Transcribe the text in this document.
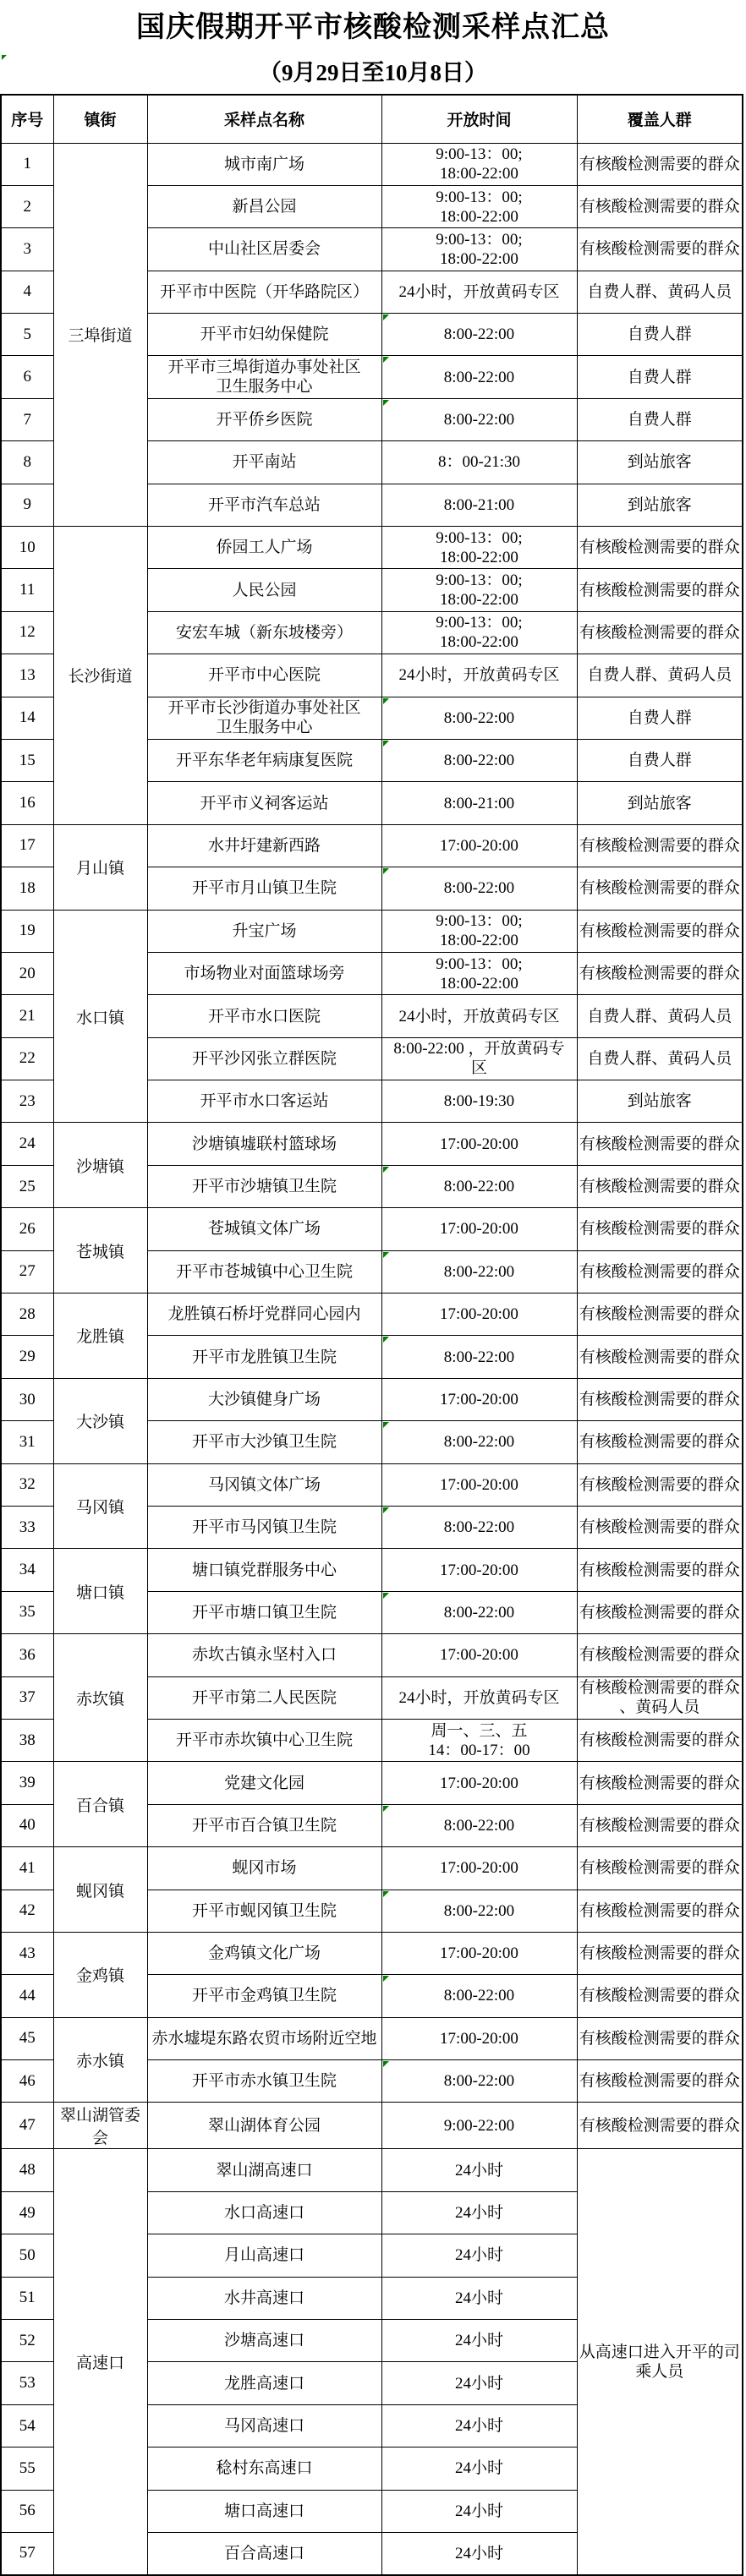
国庆假期开平市核酸检测采样点汇总
（9月29日至10月8日）
序号	镇街	采样点名称	开放时间	覆盖人群
1	三埠街道	城市南广场	9:00-13：00;
18:00-22:00	有核酸检测需要的群众

2		新昌公园	9:00-13：00;
18:00-22:00	有核酸检测需要的群众

3		中山社区居委会	9:00-13：00;
18:00-22:00	有核酸检测需要的群众

4		开平市中医院（开华路院区）	24小时，开放黄码专区	自费人群、黄码人员

5		开平市妇幼保健院	8:00-22:00	自费人群

6		开平市三埠街道办事处社区
卫生服务中心	8:00-22:00	自费人群

7		开平侨乡医院	8:00-22:00	自费人群

8		开平南站	8：00-21:30	到站旅客

9		开平市汽车总站	8:00-21:00	到站旅客

10	长沙街道	侨园工人广场	9:00-13：00;
18:00-22:00	有核酸检测需要的群众

11		人民公园	9:00-13：00;
18:00-22:00	有核酸检测需要的群众

12		安宏车城（新东坡楼旁）	9:00-13：00;
18:00-22:00	有核酸检测需要的群众

13		开平市中心医院	24小时，开放黄码专区	自费人群、黄码人员

14		开平市长沙街道办事处社区
卫生服务中心	8:00-22:00	自费人群

15		开平东华老年病康复医院	8:00-22:00	自费人群

16		开平市义祠客运站	8:00-21:00	到站旅客

17	月山镇	水井圩建新西路	17:00-20:00	有核酸检测需要的群众

18		开平市月山镇卫生院	8:00-22:00	有核酸检测需要的群众

19	水口镇	升宝广场	9:00-13：00;
18:00-22:00	有核酸检测需要的群众

20		市场物业对面篮球场旁	9:00-13：00;
18:00-22:00	有核酸检测需要的群众

21		开平市水口医院	24小时，开放黄码专区	自费人群、黄码人员

22		开平沙冈张立群医院	8:00-22:00 ，开放黄码专
区	自费人群、黄码人员

23		开平市水口客运站	8:00-19:30	到站旅客

24	沙塘镇	沙塘镇墟联村篮球场	17:00-20:00	有核酸检测需要的群众

25		开平市沙塘镇卫生院	8:00-22:00	有核酸检测需要的群众

26	苍城镇	苍城镇文体广场	17:00-20:00	有核酸检测需要的群众

27		开平市苍城镇中心卫生院	8:00-22:00	有核酸检测需要的群众

28	龙胜镇	龙胜镇石桥圩党群同心园内	17:00-20:00	有核酸检测需要的群众

29		开平市龙胜镇卫生院	8:00-22:00	有核酸检测需要的群众

30	大沙镇	大沙镇健身广场	17:00-20:00	有核酸检测需要的群众

31		开平市大沙镇卫生院	8:00-22:00	有核酸检测需要的群众

32	马冈镇	马冈镇文体广场	17:00-20:00	有核酸检测需要的群众

33		开平市马冈镇卫生院	8:00-22:00	有核酸检测需要的群众

34	塘口镇	塘口镇党群服务中心	17:00-20:00	有核酸检测需要的群众

35		开平市塘口镇卫生院	8:00-22:00	有核酸检测需要的群众

36	赤坎镇	赤坎古镇永坚村入口	17:00-20:00	有核酸检测需要的群众

37		开平市第二人民医院	24小时，开放黄码专区	有核酸检测需要的群众
、黄码人员

38		开平市赤坎镇中心卫生院	周一、三、五
14：00-17：00	有核酸检测需要的群众

39	百合镇	党建文化园	17:00-20:00	有核酸检测需要的群众

40		开平市百合镇卫生院	8:00-22:00	有核酸检测需要的群众

41	蚬冈镇	蚬冈市场	17:00-20:00	有核酸检测需要的群众

42		开平市蚬冈镇卫生院	8:00-22:00	有核酸检测需要的群众

43	金鸡镇	金鸡镇文化广场	17:00-20:00	有核酸检测需要的群众

44		开平市金鸡镇卫生院	8:00-22:00	有核酸检测需要的群众

45	赤水镇	赤水墟堤东路农贸市场附近空地	17:00-20:00	有核酸检测需要的群众

46		开平市赤水镇卫生院	8:00-22:00	有核酸检测需要的群众

47	翠山湖管委会	翠山湖体育公园	9:00-22:00	有核酸检测需要的群众

48	高速口	翠山湖高速口	24小时	从高速口进入开平的司乘人员

49		水口高速口	24小时	

50		月山高速口	24小时	

51		水井高速口	24小时	

52		沙塘高速口	24小时	

53		龙胜高速口	24小时	

54		马冈高速口	24小时	

55		稔村东高速口	24小时	

56		塘口高速口	24小时	

57		百合高速口	24小时	
